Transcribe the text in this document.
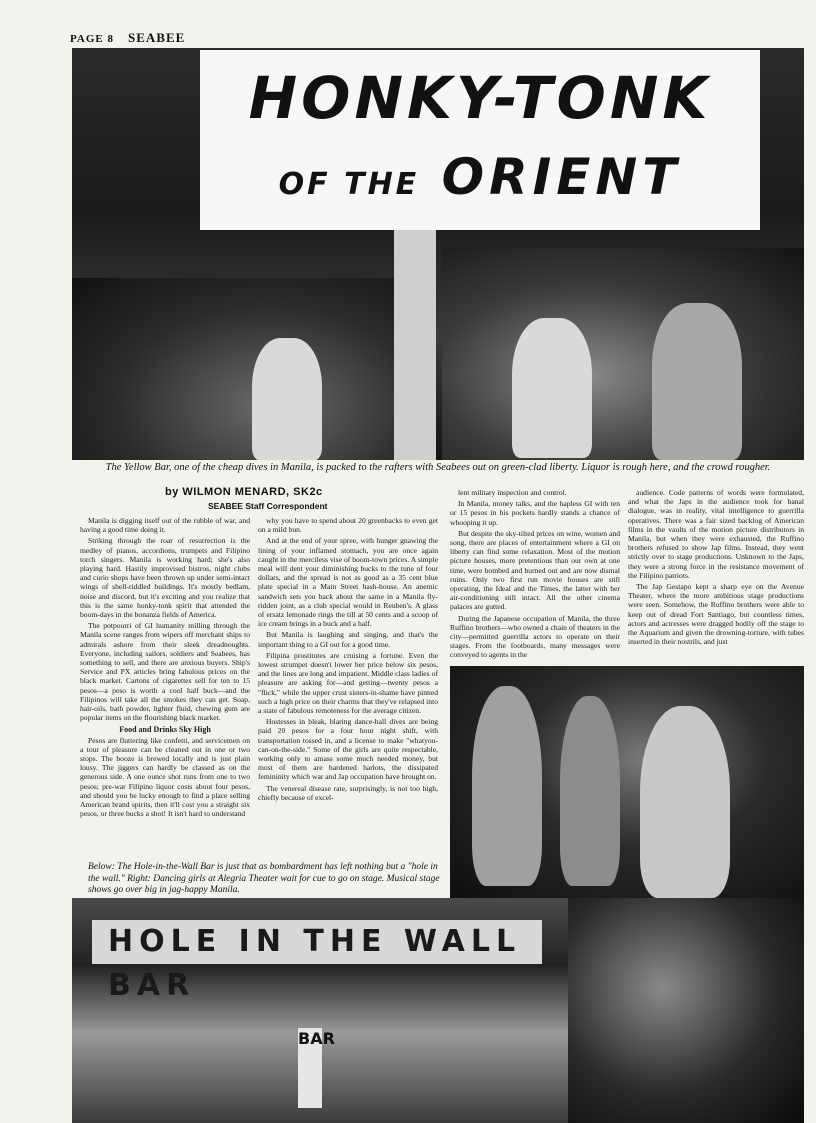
PAGE 8 SEABEE
HONKY-TONK
OF THE ORIENT
The Yellow Bar, one of the cheap dives in Manila, is packed to the rafters with Seabees out on green-clad liberty. Liquor is rough here, and the crowd rougher.
by WILMON MENARD, SK2c
SEABEE Staff Correspondent

Manila is digging itself out of the rubble of war, and having a good time doing it.

Striking through the roar of resurrection is the medley of pianos, accordions, trumpets and Filipino torch singers. Manila is working hard; she's also playing hard. Hastily improvised bistros, night clubs and curio shops have been thrown up under semi-intact wings of shell-riddled buildings. It's mostly bedlam, noise and discord, but it's exciting and you realize that this is the same honky-tonk spirit that attended the boom-days in the bonanza fields of America.

The potpourri of GI humanity milling through the Manila scene ranges from wipers off merchant ships to admirals ashore from their sleek dreadnoughts. Everyone, including sailors, soldiers and Seabees, has something to sell, and there are anxious buyers. Ship's Service and PX articles bring fabulous prices on the black market. Cartons of cigarettes sell for ten to 15 pesos—a peso is worth a cool half buck—and the Filipinos will take all the smokes they can get. Soap, hair-oils, bath powder, lighter fluid, chewing gum are popular items on the flourishing black market.

Food and Drinks Sky High

Pesos are fluttering like confetti, and servicemen on a tour of pleasure can be cleaned out in one or two stops. The booze is brewed locally and is just plain lousy. The jiggers can hardly be classed as on the generous side. A one ounce shot runs from one to two pesos; pre-war Filipino liquor costs about four pesos, and should you be lucky enough to find a place selling American brand spirits, then it'll cost you a straight six pesos, or three bucks a shot! It isn't hard to understand

why you have to spend about 20 greenbacks to even get on a mild bun.

And at the end of your spree, with hunger gnawing the lining of your inflamed stomach, you are once again caught in the merciless vise of boom-town prices. A simple meal will dent your diminishing bucks to the tune of four dollars, and the spread is not as good as a 35 cent blue plate special in a Main Street hash-house. An anemic sandwich sets you back about the same in a Manila fly-ridden joint, as a club special would in Reuben's. A glass of ersatz lemonade rings the till at 50 cents and a scoop of ice cream brings in a buck and a half.

But Manila is laughing and singing, and that's the important thing to a GI out for a good time.

Filipina prostitutes are cruising a fortune. Even the lowest strumpet doesn't lower her price below six pesos, and the lines are long and impatient. Middle class ladies of pleasure are asking for—and getting—twenty pesos a "flick," while the upper crust sisters-in-shame have pinned such a high price on their charms that they've relapsed into a state of fabulous remoteness for the average citizen.

Hostesses in bleak, blaring dance-hall dives are being paid 20 pesos for a four hour night shift, with transportation tossed in, and a license to make "whatyou-can-on-the-side." Some of the girls are quite respectable, working only to amass some much needed money, but most of them are hardened harlots, the dissipated femininity which war and Jap occupation have brought on.

The venereal disease rate, surprisingly, is not too high, chiefly because of excel-

lent military inspection and control.

In Manila, money talks, and the hapless GI with ten or 15 pesos in his pockets hardly stands a chance of whooping it up.

But despite the sky-tilted prices on wine, women and song, there are places of entertainment where a GI on liberty can find some relaxation. Most of the motion picture houses, more pretentious than our own at one time, were bombed and burned out and are now dismal ruins. Only two first run movie houses are still operating, the Ideal and the Times, the latter with her air-conditioning still intact. All the other cinema palaces are gutted.

During the Japanese occupation of Manila, the three Ruffino brothers—who owned a chain of theaters in the city—permitted guerrilla actors to operate on their stages. From the footboards, many messages were conveyed to agents in the

audience. Code patterns of words were formulated, and what the Japs in the audience took for banal dialogue, was in reality, vital intelligence to guerrilla operatives. There was a fair sized backlog of American films in the vaults of the motion picture distributors in Manila, but when they were exhausted, the Ruffino brothers refused to show Jap films. Instead, they went strictly over to stage productions. Unknown to the Japs, they were a strong force in the resistance movement of the Filipino patriots.

The Jap Gestapo kept a sharp eye on the Avenue Theater, where the more ambitious stage productions were seen. Somehow, the Ruffino brothers were able to keep out of dread Fort Santiago, but countless times, actors and actresses were dragged bodily off the stage to the Aquarium and given the drowning-torture, with tubes inserted in their nostrils, and just

Below: The Hole-in-the-Wall Bar is just that as bombardment has left nothing but a "hole in the wall." Right: Dancing girls at Alegria Theater wait for cue to go on stage. Musical stage shows go over big in jag-happy Manila.
HOLE IN THE WALL BAR
BAR
